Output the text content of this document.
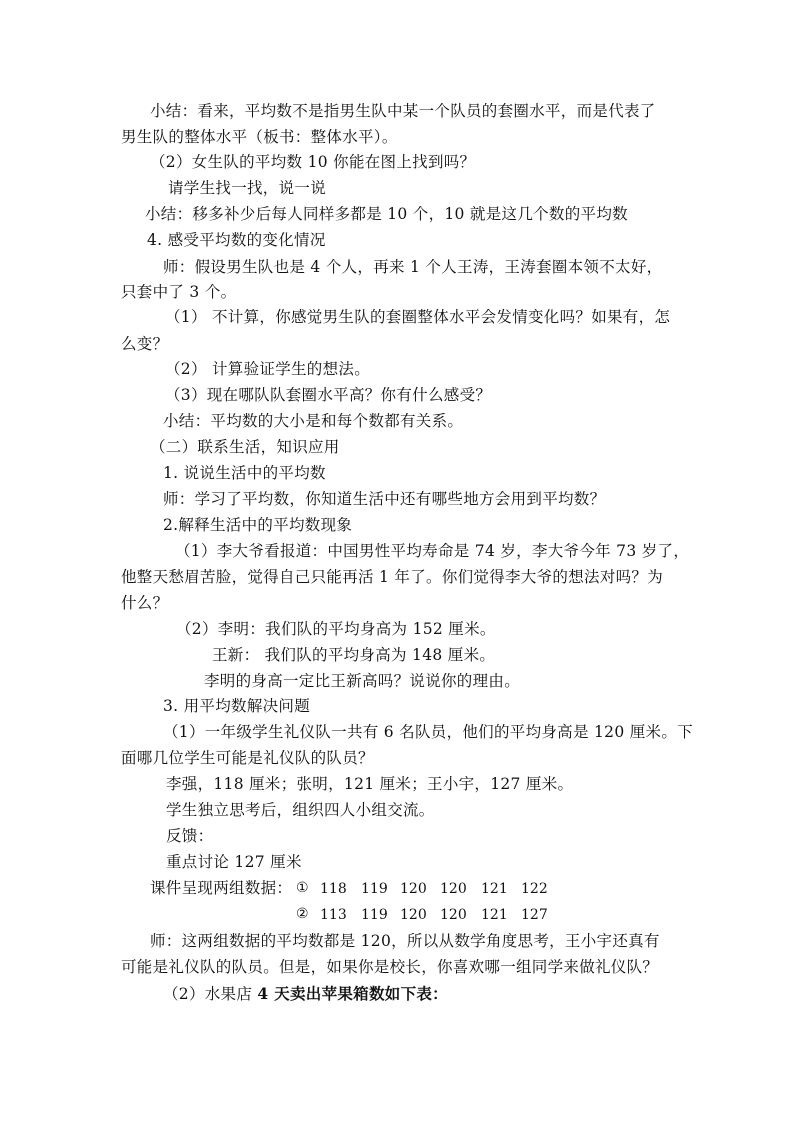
小结：看来，平均数不是指男生队中某一个队员的套圈水平，而是代表了
男生队的整体水平（板书：整体水平）。
（2）女生队的平均数 10 你能在图上找到吗？
请学生找一找，说一说
小结：移多补少后每人同样多都是 10 个，10 就是这几个数的平均数
4. 感受平均数的变化情况
师：假设男生队也是 4 个人，再来 1 个人王涛，王涛套圈本领不太好，
只套中了 3 个。
（1） 不计算，你感觉男生队的套圈整体水平会发情变化吗？如果有，怎
么变？
（2） 计算验证学生的想法。
（3）现在哪队队套圈水平高？你有什么感受？
小结：平均数的大小是和每个数都有关系。
（二）联系生活，知识应用
1. 说说生活中的平均数
师：学习了平均数，你知道生活中还有哪些地方会用到平均数？
2.解释生活中的平均数现象
（1）李大爷看报道：中国男性平均寿命是 74 岁，李大爷今年 73 岁了，
他整天愁眉苦脸，觉得自己只能再活 1 年了。你们觉得李大爷的想法对吗？为
什么？
（2）李明：我们队的平均身高为 152 厘米。
王新： 我们队的平均身高为 148 厘米。
李明的身高一定比王新高吗？说说你的理由。
3. 用平均数解决问题
（1）一年级学生礼仪队一共有 6 名队员，他们的平均身高是 120 厘米。下
面哪几位学生可能是礼仪队的队员？
李强，118 厘米；张明，121 厘米；王小宇，127 厘米。
学生独立思考后，组织四人小组交流。
反馈：
重点讨论 127 厘米
课件呈现两组数据： ① 118 119 120 120 121 122
② 113 119 120 120 121 127
师：这两组数据的平均数都是 120，所以从数学角度思考，王小宇还真有
可能是礼仪队的队员。但是，如果你是校长，你喜欢哪一组同学来做礼仪队？
（2）水果店 4 天卖出苹果箱数如下表：
